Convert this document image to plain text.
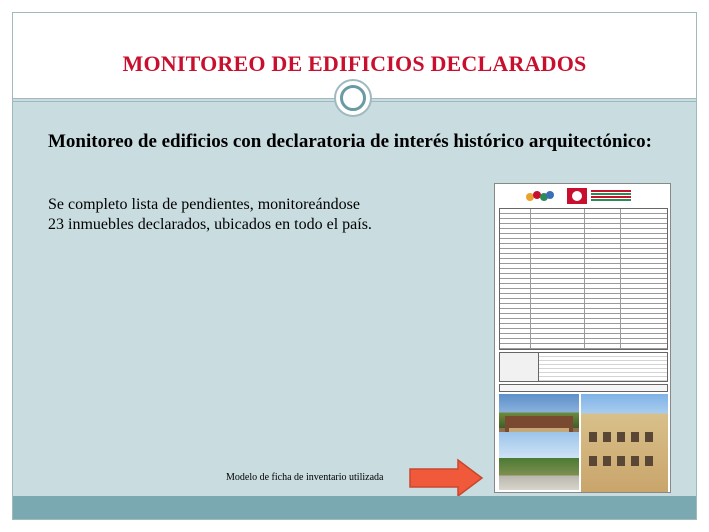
MONITOREO DE EDIFICIOS DECLARADOS
Monitoreo de edificios con declaratoria de interés histórico arquitectónico:

Se completo lista de pendientes, monitoreándose
23 inmuebles declarados, ubicados en todo el país.

Modelo de ficha de inventario utilizada
